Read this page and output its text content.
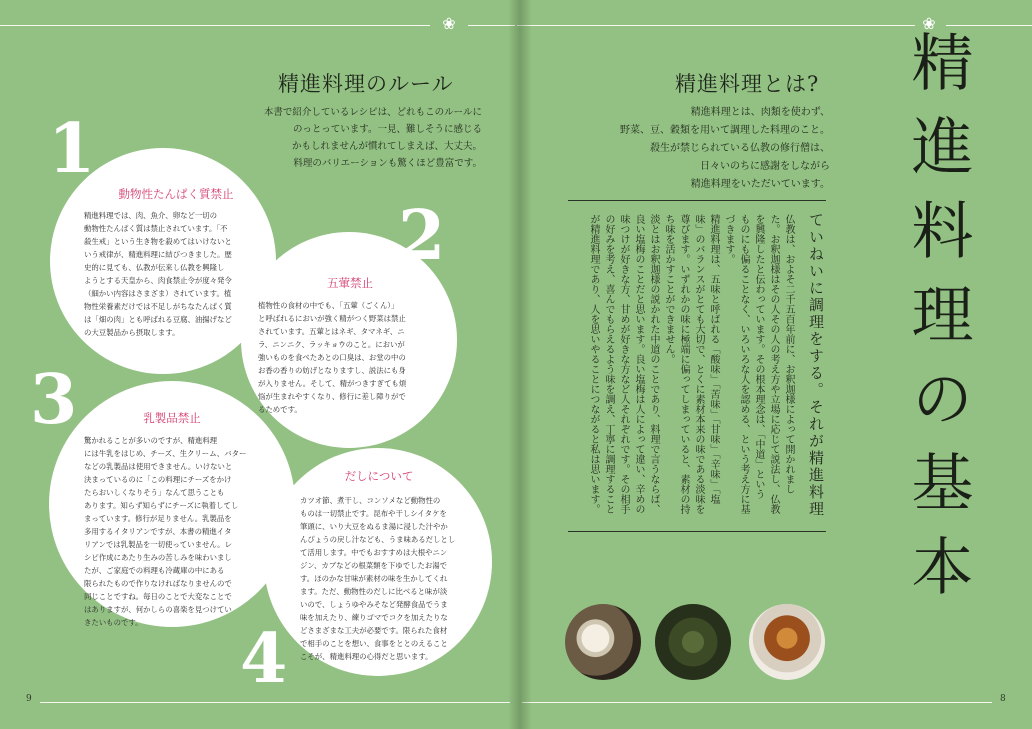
❀
精進料理のルール
本書で紹介しているレシピは、どれもこのルールに
のっとっています。一見、難しそうに感じる
かもしれませんが慣れてしまえば、大丈夫。
料理のバリエーションも驚くほど豊富です。
1
2
3
4
動物性たんぱく質禁止
精進料理では、肉、魚介、卵など一切の
動物性たんぱく質は禁止されています。「不
殺生戒」という生き物を殺めてはいけないと
いう戒律が、精進料理に結びつきました。歴
史的に見ても、仏教が伝来し仏教を興隆し
ようとする天皇から、肉食禁止令が度々発令
（細かい内容はさまざま）されています。植
物性栄養素だけでは不足しがちなたんぱく質
は「畑の肉」とも呼ばれる豆腐、油揚げなど
の大豆製品から摂取します。
五葷禁止
植物性の食材の中でも、「五葷（ごくん）」
と呼ばれるにおいが強く精がつく野菜は禁止
されています。五葷とはネギ、タマネギ、ニ
ラ、ニンニク、ラッキョウのこと。においが
強いものを食べたあとの口臭は、お堂の中の
お香の香りの妨げとなりますし、説法にも身
が入りません。そして、精がつきすぎても煩
悩が生まれやすくなり、修行に差し障りがで
るためです。
乳製品禁止
驚かれることが多いのですが、精進料理
には牛乳をはじめ、チーズ、生クリーム、バター
などの乳製品は使用できません。いけないと
決まっているのに「この料理にチーズをかけ
たらおいしくなりそう」なんて思うことも
あります。知らず知らずにチーズに執着してし
まっています。修行が足りません。乳製品を
多用するイタリアンですが、本書の精進イタ
リアンでは乳製品を一切使っていません。レ
シピ作成にあたり生みの苦しみを味わいまし
たが、ご家庭での料理も冷蔵庫の中にある
限られたもので作りなければなりませんので
同じことですね。毎日のことで大変なことで
はありますが、何かしらの喜楽を見つけてい
きたいものです。
だしについて
カツオ節、煮干し、コンソメなど動物性の
ものは一切禁止です。昆布や干しシイタケを
筆頭に、いり大豆をぬるま湯に浸した汁やか
んぴょうの戻し汁なども、うま味あるだしとし
て活用します。中でもおすすめは大根やニン
ジン、カブなどの根菜類を下ゆでしたお湯で
す。ほのかな甘味が素材の味を生かしてくれ
ます。ただ、動物性のだしに比べると味が淡
いので、しょうゆやみそなど発酵食品でうま
味を加えたり、練りゴマでコクを加えたりな
どさまざまな工夫が必要です。限られた食材
で相手のことを想い、食事をととのえること
こそが、精進料理の心得だと思います。
9
❀
精進料理とは?
精進料理とは、肉類を使わず、
野菜、豆、穀類を用いて調理した料理のこと。
殺生が禁じられている仏教の修行僧は、
日々いのちに感謝をしながら
精進料理をいただいています。
ていねいに調理をする。それが精進料理
仏教は、およそ二千五百年前に、お釈迦様によって開かれまし
た。お釈迦様はその人その人の考え方や立場に応じて説法し、仏教
を興隆したと伝わっています。その根本理念は、「中道」という
ものにも偏ることなく、いろいろな人を認める、という考え方に基
づきます。
精進料理は、五味と呼ばれる「酸味」「苦味」「甘味」「辛味」「塩
味」のバランスがとても大切で、とくに素材本来の味である淡味を
尊びます。いずれかの味に極端に偏ってしまっていると、素材の持
ち味を活かすことができません。
淡とはお釈迦様の説かれた中道のことであり、料理で言うならば、
良い塩梅のことだと思います。良い塩梅は人によって違い、辛めの
味つけが好きな方、甘めが好きな方など人それぞれです。その相手
の好みを考え、喜んでもらえるよう味を調え、丁寧に調理すること
が精進料理であり、人を思いやることにつながると私は思います。	精進料理の基本
8
